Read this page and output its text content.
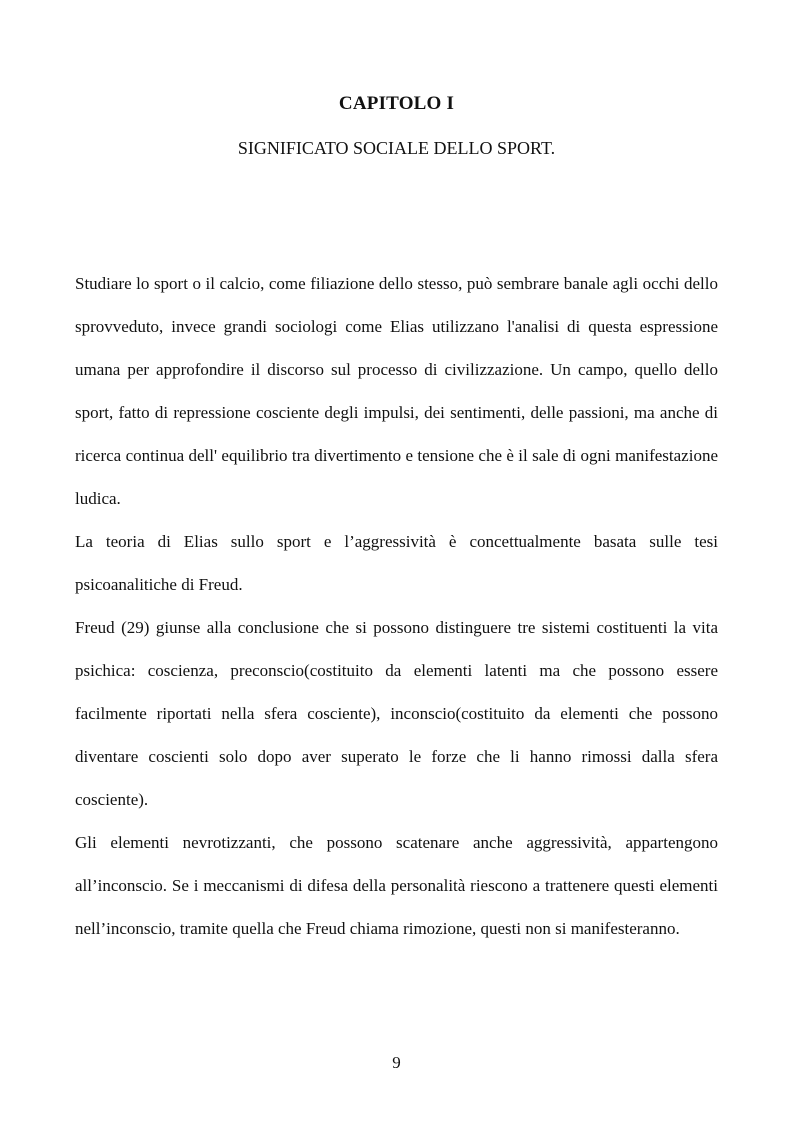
CAPITOLO I
SIGNIFICATO SOCIALE DELLO SPORT.

Studiare lo sport o il calcio, come filiazione dello stesso, può sembrare banale agli occhi dello sprovveduto, invece grandi sociologi come Elias utilizzano l'analisi di questa espressione umana per approfondire il discorso sul processo di civilizzazione. Un campo, quello dello sport, fatto di repressione cosciente degli impulsi, dei sentimenti, delle passioni, ma anche di ricerca continua dell' equilibrio tra divertimento e tensione che è il sale di ogni manifestazione ludica.

La teoria di Elias sullo sport e l’aggressività è concettualmente basata sulle tesi psicoanalitiche di Freud.

Freud (29) giunse alla conclusione che si possono distinguere tre sistemi costituenti la vita psichica: coscienza, preconscio(costituito da elementi latenti ma che possono essere facilmente riportati nella sfera cosciente), inconscio(costituito da elementi che possono diventare coscienti solo dopo aver superato le forze che li hanno rimossi dalla sfera cosciente).

Gli elementi nevrotizzanti, che possono scatenare anche aggressività, appartengono all’inconscio. Se i meccanismi di difesa della personalità riescono a trattenere questi elementi nell’inconscio, tramite quella che Freud chiama rimozione, questi non si manifesteranno.

9
